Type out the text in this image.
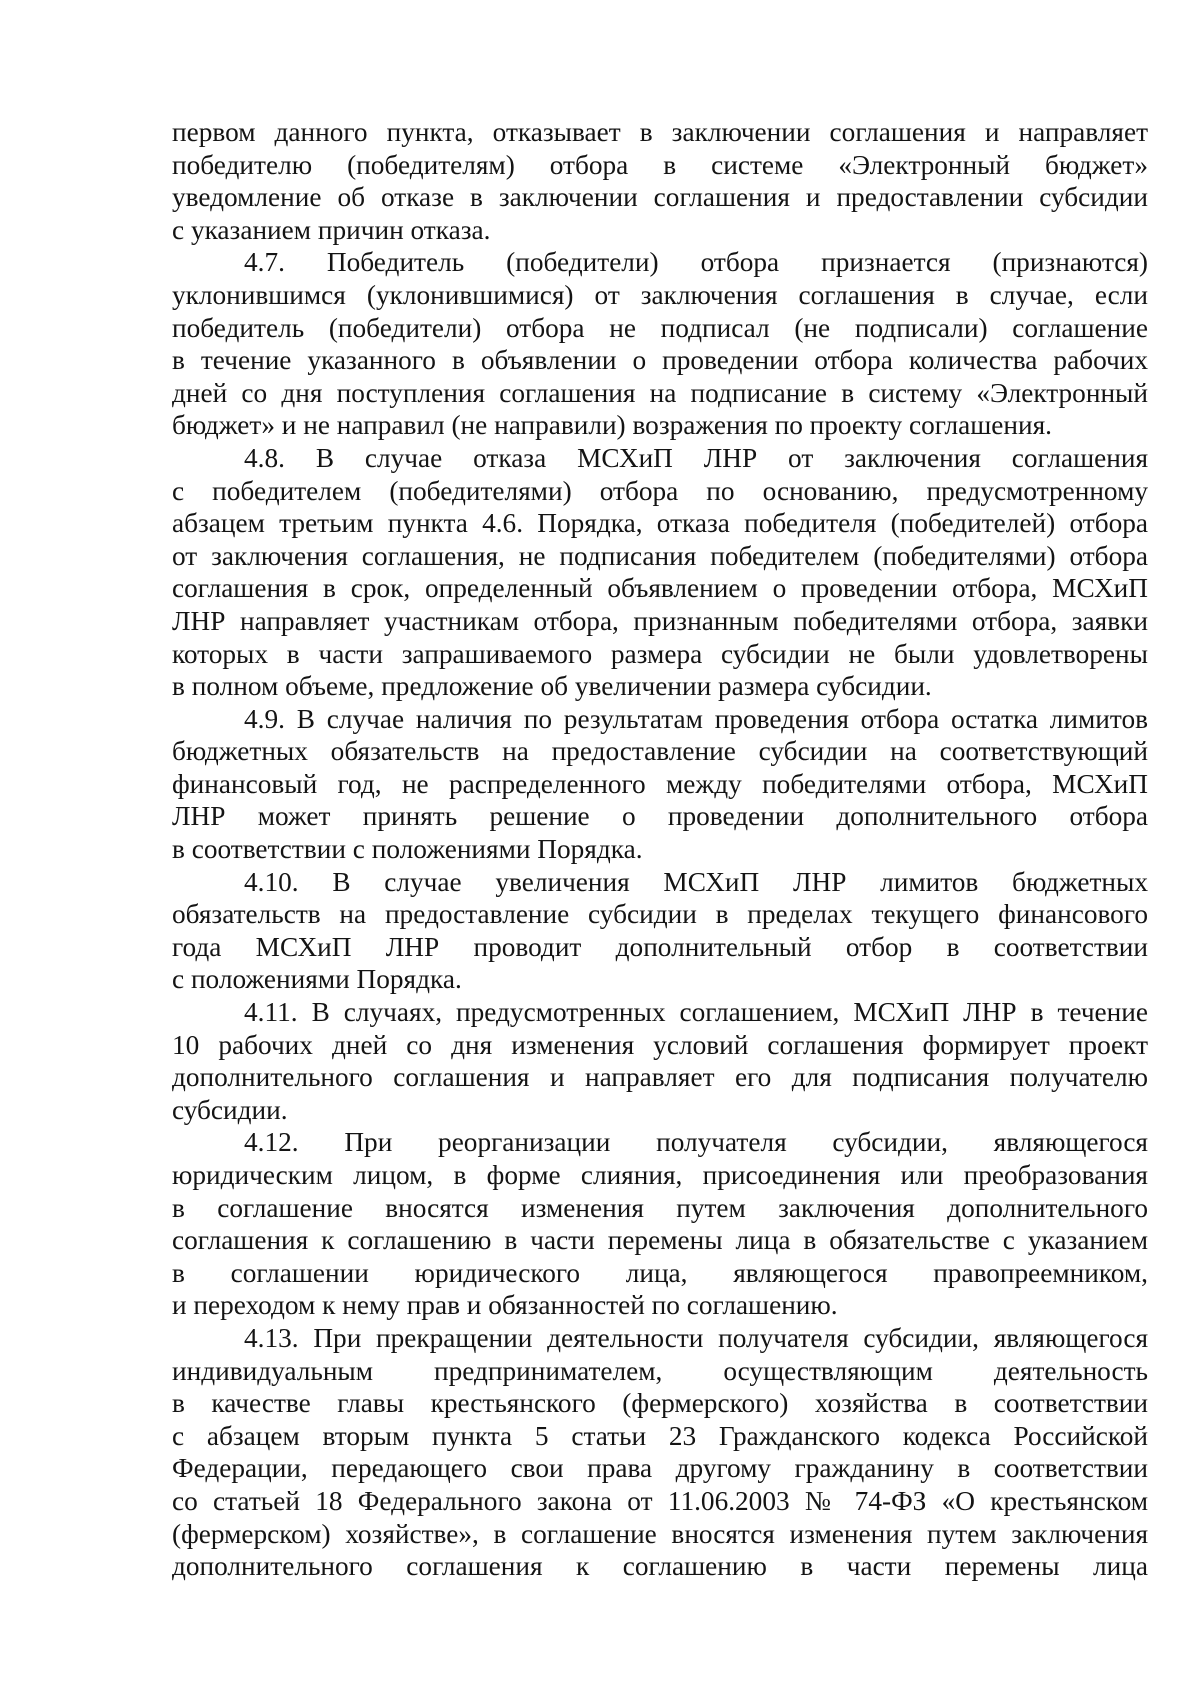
первом данного пункта, отказывает в заключении соглашения и направляет

победителю (победителям) отбора в системе «Электронный бюджет»

уведомление об отказе в заключении соглашения и предоставлении субсидии

с указанием причин отказа.

4.7. Победитель (победители) отбора признается (признаются)

уклонившимся (уклонившимися) от заключения соглашения в случае, если

победитель (победители) отбора не подписал (не подписали) соглашение

в течение указанного в объявлении о проведении отбора количества рабочих

дней со дня поступления соглашения на подписание в систему «Электронный

бюджет» и не направил (не направили) возражения по проекту соглашения.

4.8. В случае отказа МСХиП ЛНР от заключения соглашения

с победителем (победителями) отбора по основанию, предусмотренному

абзацем третьим пункта 4.6. Порядка, отказа победителя (победителей) отбора

от заключения соглашения, не подписания победителем (победителями) отбора

соглашения в срок, определенный объявлением о проведении отбора, МСХиП

ЛНР направляет участникам отбора, признанным победителями отбора, заявки

которых в части запрашиваемого размера субсидии не были удовлетворены

в полном объеме, предложение об увеличении размера субсидии.

4.9. В случае наличия по результатам проведения отбора остатка лимитов

бюджетных обязательств на предоставление субсидии на соответствующий

финансовый год, не распределенного между победителями отбора, МСХиП

ЛНР может принять решение о проведении дополнительного отбора

в соответствии с положениями Порядка.

4.10. В случае увеличения МСХиП ЛНР лимитов бюджетных

обязательств на предоставление субсидии в пределах текущего финансового

года МСХиП ЛНР проводит дополнительный отбор в соответствии

с положениями Порядка.

4.11. В случаях, предусмотренных соглашением, МСХиП ЛНР в течение

10 рабочих дней со дня изменения условий соглашения формирует проект

дополнительного соглашения и направляет его для подписания получателю

субсидии.

4.12. При реорганизации получателя субсидии, являющегося

юридическим лицом, в форме слияния, присоединения или преобразования

в соглашение вносятся изменения путем заключения дополнительного

соглашения к соглашению в части перемены лица в обязательстве с указанием

в соглашении юридического лица, являющегося правопреемником,

и переходом к нему прав и обязанностей по соглашению.

4.13. При прекращении деятельности получателя субсидии, являющегося

индивидуальным предпринимателем, осуществляющим деятельность

в качестве главы крестьянского (фермерского) хозяйства в соответствии

с абзацем вторым пункта 5 статьи 23 Гражданского кодекса Российской

Федерации, передающего свои права другому гражданину в соответствии

со статьей 18 Федерального закона от 11.06.2003 № 74-ФЗ «О крестьянском

(фермерском) хозяйстве», в соглашение вносятся изменения путем заключения

дополнительного соглашения к соглашению в части перемены лица
